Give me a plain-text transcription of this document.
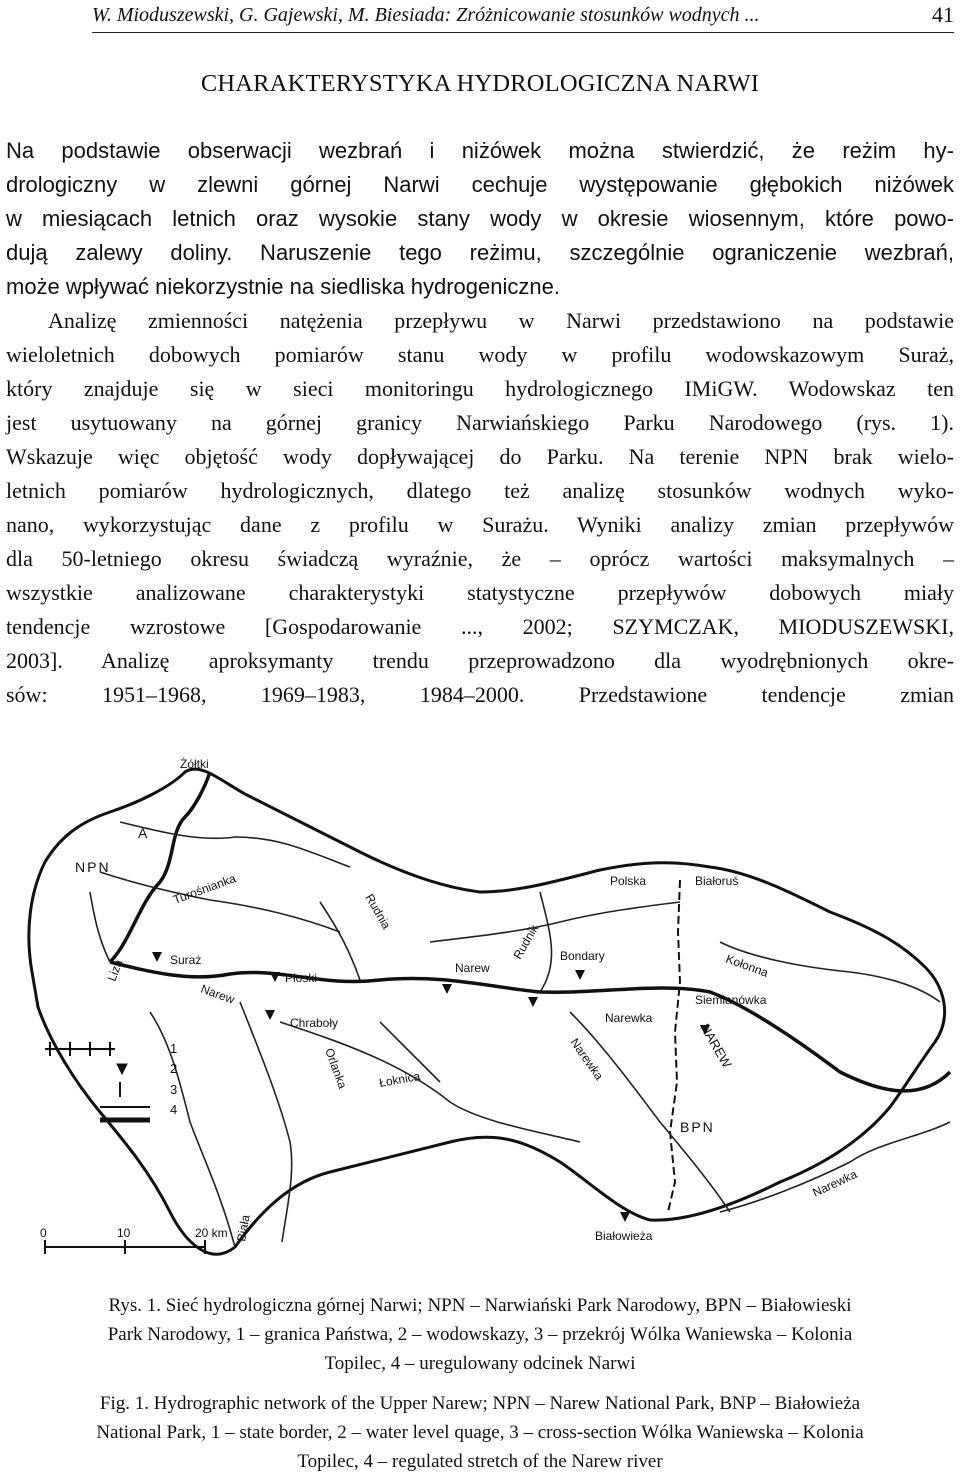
W. Mioduszewski, G. Gajewski, M. Biesiada: Zróżnicowanie stosunków wodnych ...	41
CHARAKTERYSTYKA HYDROLOGICZNA NARWI

Na podstawie obserwacji wezbrań i niżówek można stwierdzić, że reżim hy-

drologiczny w zlewni górnej Narwi cechuje występowanie głębokich niżówek

w miesiącach letnich oraz wysokie stany wody w okresie wiosennym, które powo-

dują zalewy doliny. Naruszenie tego reżimu, szczególnie ograniczenie wezbrań,

może wpływać niekorzystnie na siedliska hydrogeniczne.

Analizę zmienności natężenia przepływu w Narwi przedstawiono na podstawie

wieloletnich dobowych pomiarów stanu wody w profilu wodowskazowym Suraż,

który znajduje się w sieci monitoringu hydrologicznego IMiGW. Wodowskaz ten

jest usytuowany na górnej granicy Narwiańskiego Parku Narodowego (rys. 1).

Wskazuje więc objętość wody dopływającej do Parku. Na terenie NPN brak wielo-

letnich pomiarów hydrologicznych, dlatego też analizę stosunków wodnych wyko-

nano, wykorzystując dane z profilu w Surażu. Wyniki analizy zmian przepływów

dla 50-letniego okresu świadczą wyraźnie, że – oprócz wartości maksymalnych –

wszystkie analizowane charakterystyki statystyczne przepływów dobowych miały

tendencje wzrostowe [Gospodarowanie ..., 2002; SZYMCZAK, MIODUSZEWSKI,

2003]. Analizę aproksymanty trendu przeprowadzono dla wyodrębnionych okre-

sów: 1951–1968, 1969–1983, 1984–2000. Przedstawione tendencje zmian

1
2
3
4
0	10	20 km
Żółtki
NPN
Suraż
Narew
Płoski
Chraboły
Bondary
Polska	Białoruś
Siemianówka
Narewka
BPN
Białowieża
A
Liza
Turośnianka
Narew
Orlanka
Rudnia
Rudnik
Łoknica
Biała
Narewka
Kołonna
NAREW
Narewka
Rys. 1. Sieć hydrologiczna górnej Narwi; NPN – Narwiański Park Narodowy, BPN – Białowieski
Park Narodowy, 1 – granica Państwa, 2 – wodowskazy, 3 – przekrój Wólka Waniewska – Kolonia
Topilec, 4 – uregulowany odcinek Narwi
Fig. 1. Hydrographic network of the Upper Narew; NPN – Narew National Park, BNP – Białowieża
National Park, 1 – state border, 2 – water level quage, 3 – cross-section Wólka Waniewska – Kolonia
Topilec, 4 – regulated stretch of the Narew river
